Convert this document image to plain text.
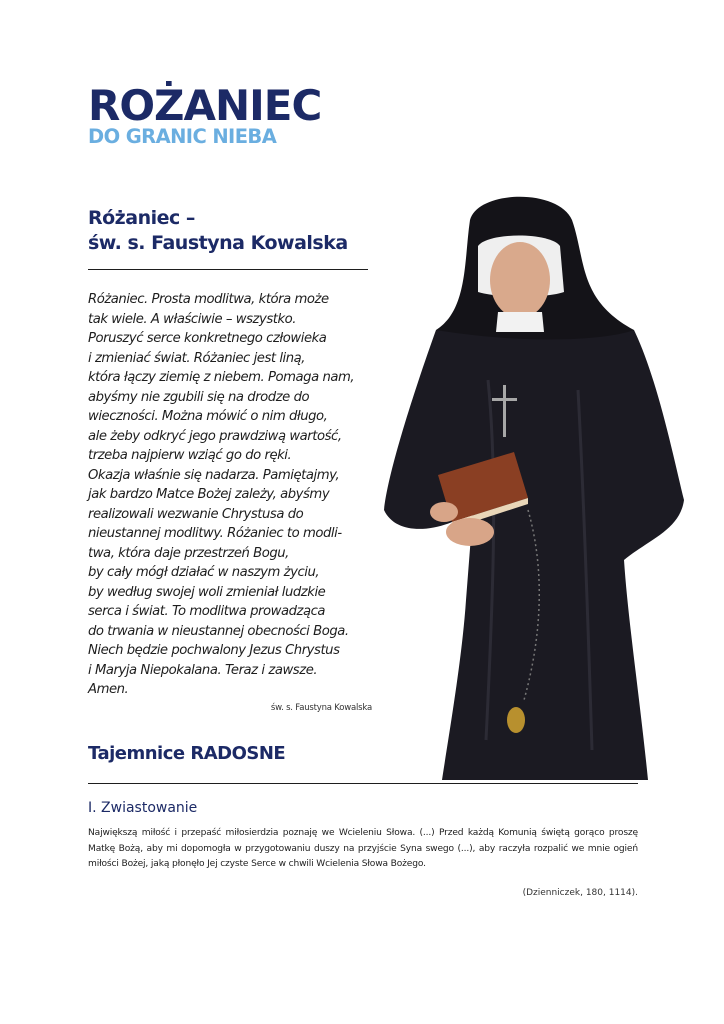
ROŻANIEC
DO GRANIC NIEBA
Różaniec –
św. s. Faustyna Kowalska
Różaniec. Prosta modlitwa, która może
tak wiele. A właściwie – wszystko.
Poruszyć serce konkretnego człowieka
i zmieniać świat. Różaniec jest liną,
która łączy ziemię z niebem. Pomaga nam,
abyśmy nie zgubili się na drodze do
wieczności. Można mówić o nim długo,
ale żeby odkryć jego prawdziwą wartość,
trzeba najpierw wziąć go do ręki.
Okazja właśnie się nadarza. Pamiętajmy,
jak bardzo Matce Bożej zależy, abyśmy
realizowali wezwanie Chrystusa do
nieustannej modlitwy. Różaniec to modli-
twa, która daje przestrzeń Bogu,
by cały mógł działać w naszym życiu,
by według swojej woli zmieniał ludzkie
serca i świat. To modlitwa prowadząca
do trwania w nieustannej obecności Boga.
Niech będzie pochwalony Jezus Chrystus
i Maryja Niepokalana. Teraz i zawsze.
Amen.
św. s. Faustyna Kowalska
Tajemnice RADOSNE
I. Zwiastowanie

Największą miłość i przepaść miłosierdzia poznaję we Wcieleniu Słowa. (...) Przed każdą Komunią świętą gorąco proszę Matkę Bożą, aby mi dopomogła w przygotowaniu duszy na przyjście Syna swego (...), aby raczyła rozpalić we mnie ogień miłości Bożej, jaką płonęło Jej czyste Serce w chwili Wcielenia Słowa Bożego.

(Dzienniczek, 180, 1114).
